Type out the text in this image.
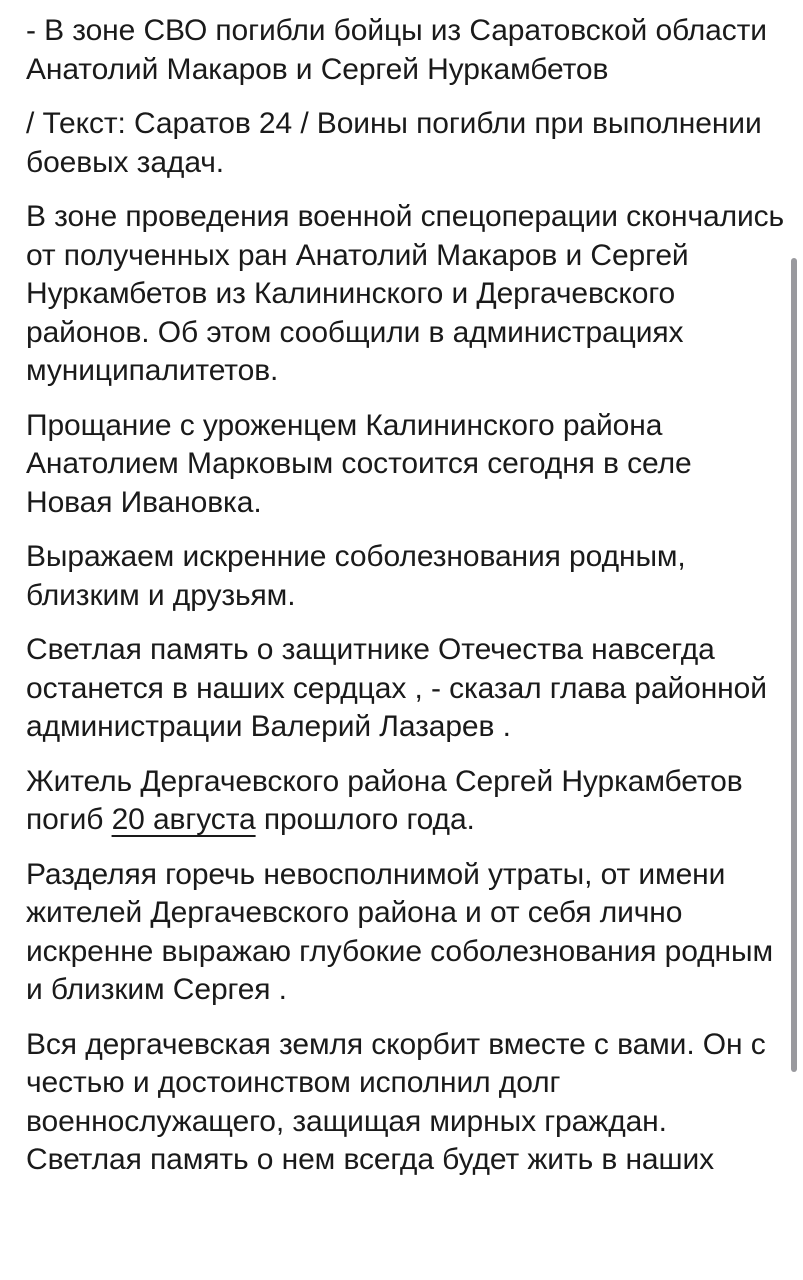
- В зоне СВО погибли бойцы из Саратовской области Анатолий Макаров и Сергей Нуркамбетов

/ Текст: Саратов 24 / Воины погибли при выполнении боевых задач.

В зоне проведения военной спецоперации скончались от полученных ран Анатолий Макаров и Сергей Нуркамбетов из Калининского и Дергачевского районов. Об этом сообщили в администрациях муниципалитетов.

Прощание с уроженцем Калининского района Анатолием Марковым состоится сегодня в селе Новая Ивановка.

Выражаем искренние соболезнования родным, близким и друзьям.

Светлая память о защитнике Отечества навсегда останется в наших сердцах , - сказал глава районной администрации Валерий Лазарев .

Житель Дергачевского района Сергей Нуркамбетов погиб 20 августа прошлого года.

Разделяя горечь невосполнимой утраты, от имени жителей Дергачевского района и от себя лично искренне выражаю глубокие соболезнования родным и близким Сергея .

Вся дергачевская земля скорбит вместе с вами. Он с честью и достоинством исполнил долг военнослужащего, защищая мирных граждан. Светлая память о нем всегда будет жить в наших
